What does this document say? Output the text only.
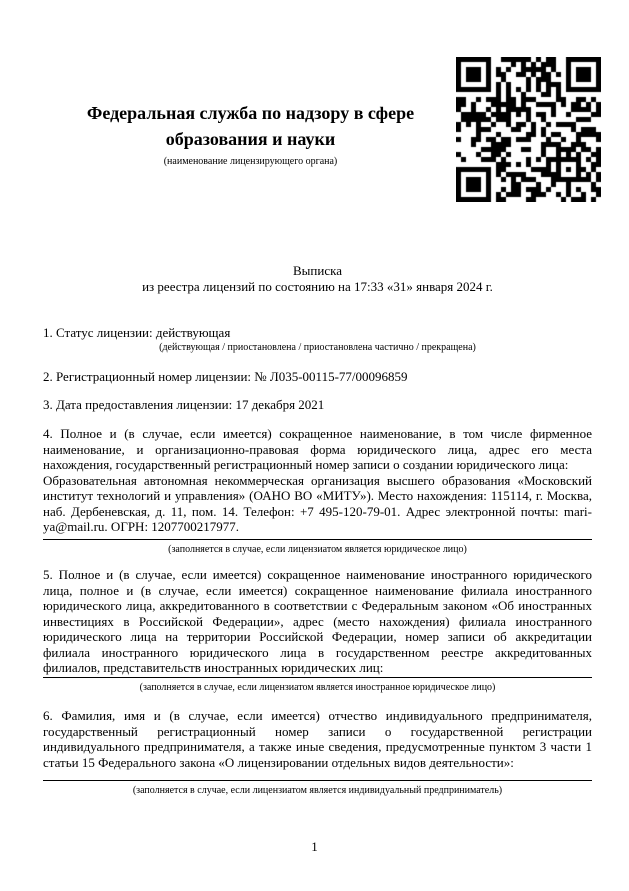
Федеральная служба по надзору в сфере образования и науки
(наименование лицензирующего органа)
Выписка
из реестра лицензий по состоянию на 17:33 «31» января 2024 г.
1. Статус лицензии: действующая
(действующая / приостановлена / приостановлена частично / прекращена)
2. Регистрационный номер лицензии: № Л035-00115-77/00096859
3. Дата предоставления лицензии: 17 декабря 2021
4. Полное и (в случае, если имеется) сокращенное наименование, в том числе фирменное наименование, и организационно-правовая форма юридического лица, адрес его места нахождения, государственный регистрационный номер записи о создании юридического лица:
Образовательная автономная некоммерческая организация высшего образования «Московский институт технологий и управления» (ОАНО ВО «МИТУ»). Место нахождения: 115114, г. Москва, наб. Дербеневская, д. 11, пом. 14. Телефон: +7 495-120-79-01. Адрес электронной почты: mari-ya@mail.ru. ОГРН: 1207700217977.
(заполняется в случае, если лицензиатом является юридическое лицо)
5. Полное и (в случае, если имеется) сокращенное наименование иностранного юридического лица, полное и (в случае, если имеется) сокращенное наименование филиала иностранного юридического лица, аккредитованного в соответствии с Федеральным законом «Об иностранных инвестициях в Российской Федерации», адрес (место нахождения) филиала иностранного юридического лица на территории Российской Федерации, номер записи об аккредитации филиала иностранного юридического лица в государственном реестре аккредитованных филиалов, представительств иностранных юридических лиц:
(заполняется в случае, если лицензиатом является иностранное юридическое лицо)
6. Фамилия, имя и (в случае, если имеется) отчество индивидуального предпринимателя, государственный регистрационный номер записи о государственной регистрации индивидуального предпринимателя, а также иные сведения, предусмотренные пунктом 3 части 1 статьи 15 Федерального закона «О лицензировании отдельных видов деятельности»:
(заполняется в случае, если лицензиатом является индивидуальный предприниматель)
1
